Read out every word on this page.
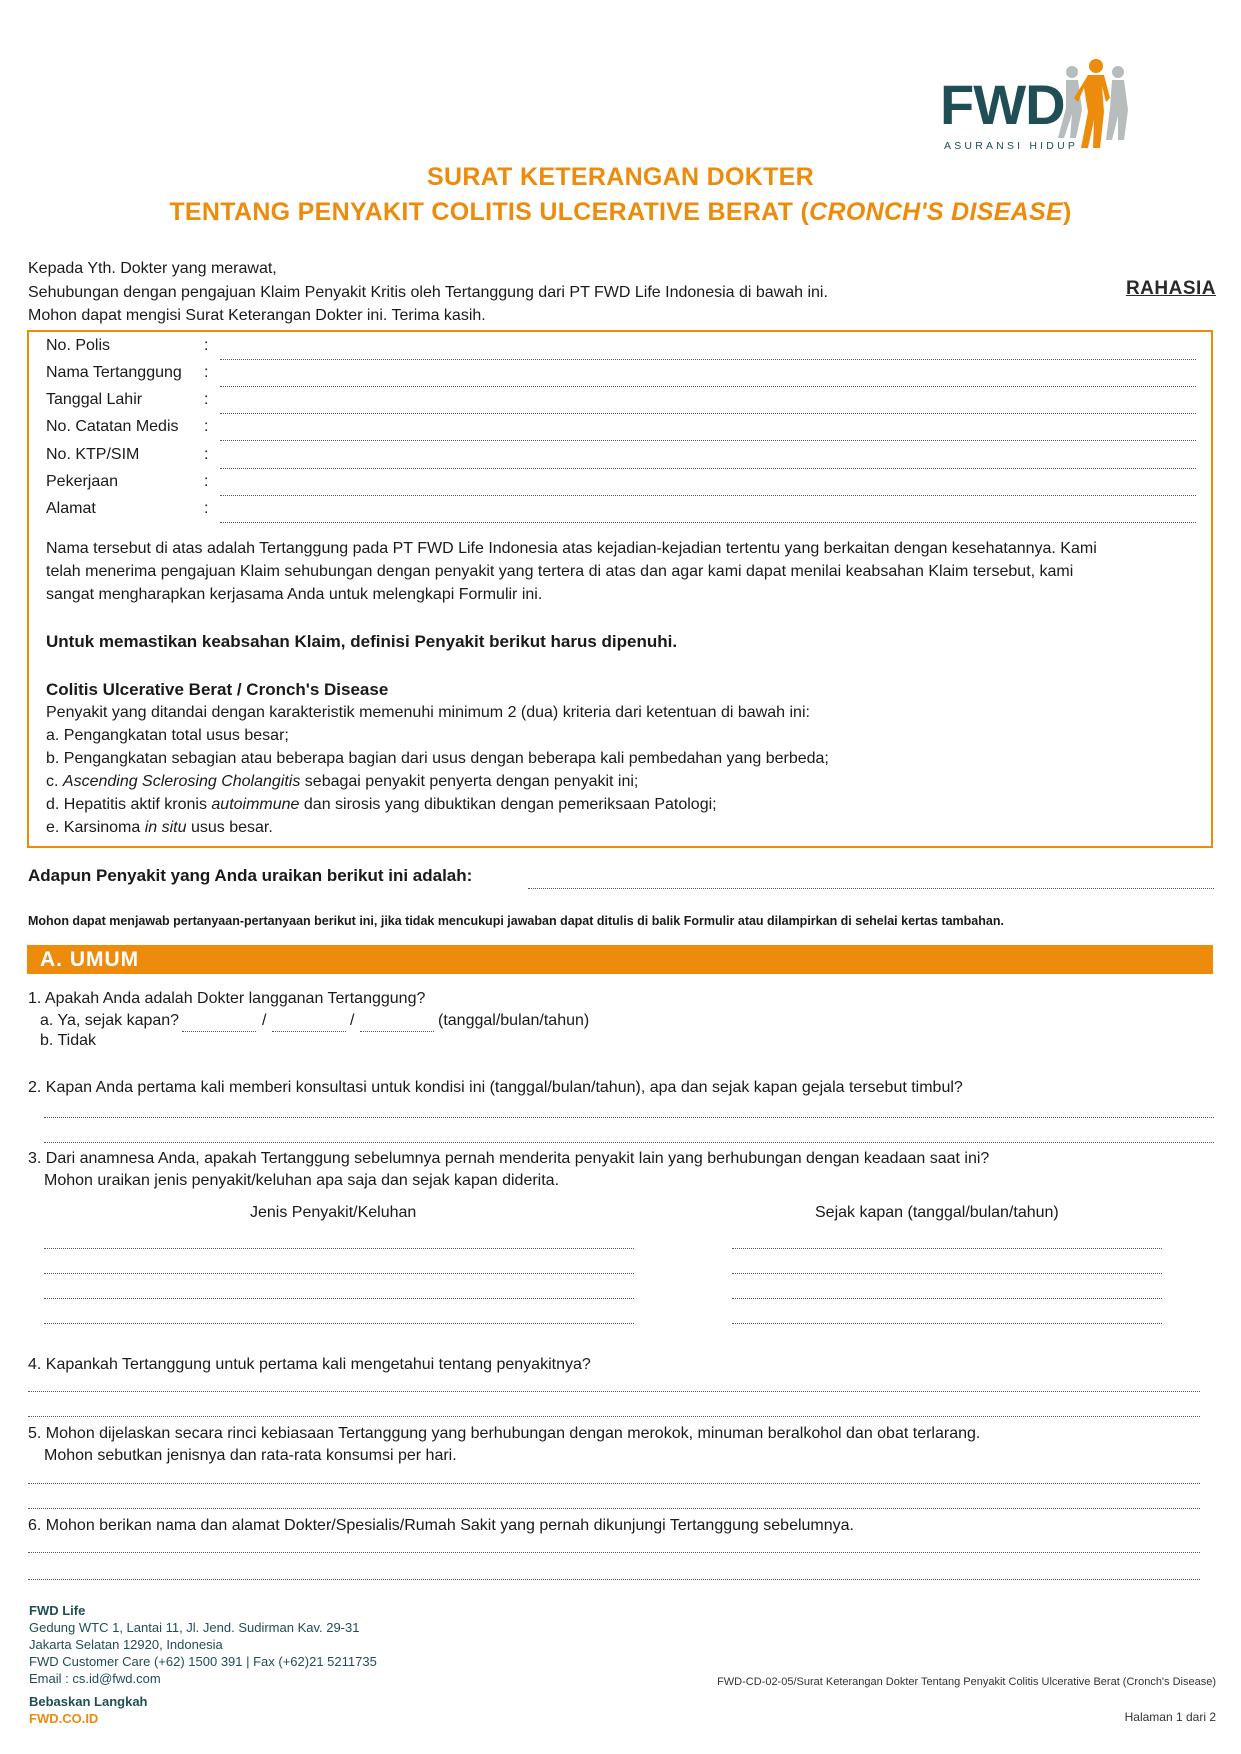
FWD
ASURANSI HIDUP
SURAT KETERANGAN DOKTER
TENTANG PENYAKIT COLITIS ULCERATIVE BERAT (CRONCH'S DISEASE)
Kepada Yth. Dokter yang merawat,
Sehubungan dengan pengajuan Klaim Penyakit Kritis oleh Tertanggung dari PT FWD Life Indonesia di bawah ini.
Mohon dapat mengisi Surat Keterangan Dokter ini. Terima kasih.
RAHASIA
No. Polis	:
Nama Tertanggung :
Tanggal Lahir	:
No. Catatan Medis :
No. KTP/SIM	:
Pekerjaan	:
Alamat	:
Nama tersebut di atas adalah Tertanggung pada PT FWD Life Indonesia atas kejadian-kejadian tertentu yang berkaitan dengan kesehatannya. Kami
telah menerima pengajuan Klaim sehubungan dengan penyakit yang tertera di atas dan agar kami dapat menilai keabsahan Klaim tersebut, kami
sangat mengharapkan kerjasama Anda untuk melengkapi Formulir ini.
Untuk memastikan keabsahan Klaim, definisi Penyakit berikut harus dipenuhi.
Colitis Ulcerative Berat / Cronch's Disease
Penyakit yang ditandai dengan karakteristik memenuhi minimum 2 (dua) kriteria dari ketentuan di bawah ini:
a. Pengangkatan total usus besar;
b. Pengangkatan sebagian atau beberapa bagian dari usus dengan beberapa kali pembedahan yang berbeda;
c. Ascending Sclerosing Cholangitis sebagai penyakit penyerta dengan penyakit ini;
d. Hepatitis aktif kronis autoimmune dan sirosis yang dibuktikan dengan pemeriksaan Patologi;
e. Karsinoma in situ usus besar.
Adapun Penyakit yang Anda uraikan berikut ini adalah:
Mohon dapat menjawab pertanyaan-pertanyaan berikut ini, jika tidak mencukupi jawaban dapat ditulis di balik Formulir atau dilampirkan di sehelai kertas tambahan.
A. UMUM
1. Apakah Anda adalah Dokter langganan Tertanggung?
a. Ya, sejak kapan?	/	/	(tanggal/bulan/tahun)
b. Tidak
2. Kapan Anda pertama kali memberi konsultasi untuk kondisi ini (tanggal/bulan/tahun), apa dan sejak kapan gejala tersebut timbul?
3. Dari anamnesa Anda, apakah Tertanggung sebelumnya pernah menderita penyakit lain yang berhubungan dengan keadaan saat ini?
Mohon uraikan jenis penyakit/keluhan apa saja dan sejak kapan diderita.
Jenis Penyakit/Keluhan	Sejak kapan (tanggal/bulan/tahun)
4. Kapankah Tertanggung untuk pertama kali mengetahui tentang penyakitnya?
5. Mohon dijelaskan secara rinci kebiasaan Tertanggung yang berhubungan dengan merokok, minuman beralkohol dan obat terlarang.
Mohon sebutkan jenisnya dan rata-rata konsumsi per hari.
6. Mohon berikan nama dan alamat Dokter/Spesialis/Rumah Sakit yang pernah dikunjungi Tertanggung sebelumnya.
FWD Life
Gedung WTC 1, Lantai 11, Jl. Jend. Sudirman Kav. 29-31
Jakarta Selatan 12920, Indonesia
FWD Customer Care (+62) 1500 391 | Fax (+62)21 5211735
Email : cs.id@fwd.com
Bebaskan Langkah
FWD.CO.ID
FWD-CD-02-05/Surat Keterangan Dokter Tentang Penyakit Colitis Ulcerative Berat (Cronch's Disease)
Halaman 1 dari 2
